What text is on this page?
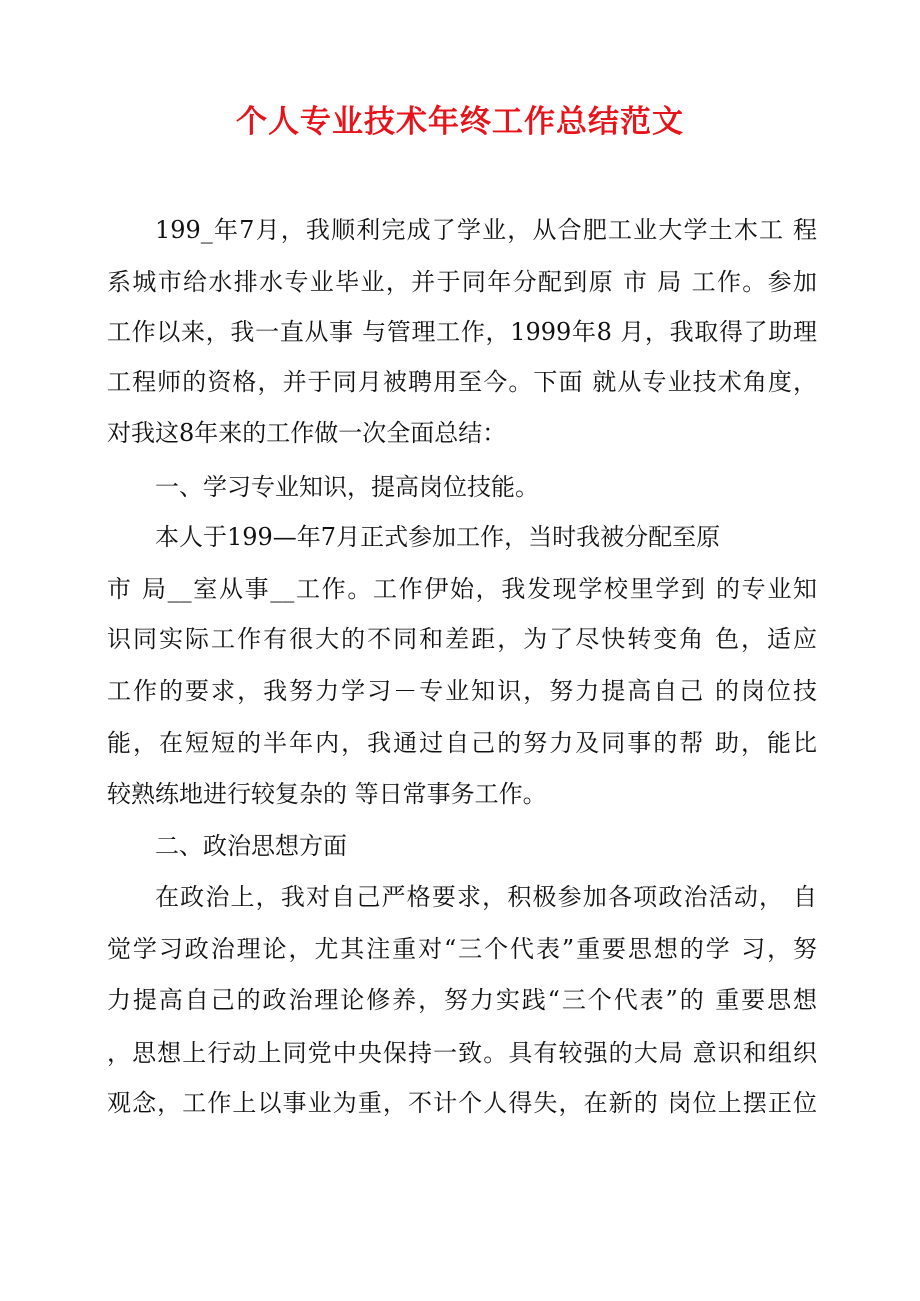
个人专业技术年终工作总结范文

199_年7月，我顺利完成了学业，从合肥工业大学土木工 程

系城市给水排水专业毕业，并于同年分配到原 市 局 工作。参加

工作以来，我一直从事 与管理工作，1999年8 月，我取得了助理

工程师的资格，并于同月被聘用至今。下面 就从专业技术角度，

对我这8年来的工作做一次全面总结：

一、学习专业知识，提高岗位技能。

本人于199—年7月正式参加工作，当时我被分配至原

市 局__室从事__工作。工作伊始，我发现学校里学到 的专业知

识同实际工作有很大的不同和差距，为了尽快转变角 色，适应

工作的要求，我努力学习－专业知识，努力提高自己 的岗位技

能，在短短的半年内，我通过自己的努力及同事的帮 助，能比

较熟练地进行较复杂的 等日常事务工作。

二、政治思想方面

在政治上，我对自己严格要求，积极参加各项政治活动， 自

觉学习政治理论，尤其注重对“三个代表”重要思想的学 习，努

力提高自己的政治理论修养，努力实践“三个代表”的 重要思想

，思想上行动上同党中央保持一致。具有较强的大局 意识和组织

观念，工作上以事业为重，不计个人得失，在新的 岗位上摆正位
